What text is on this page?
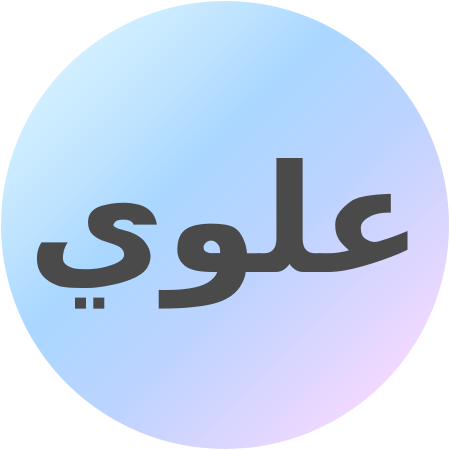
علوي
